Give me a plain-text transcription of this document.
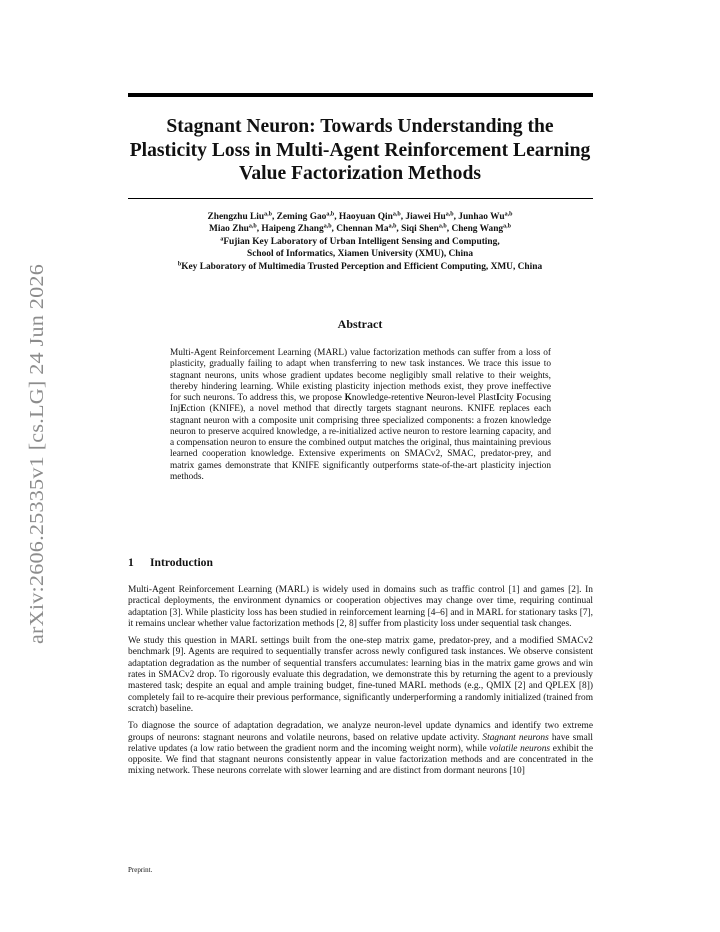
arXiv:2606.25335v1 [cs.LG] 24 Jun 2026
Stagnant Neuron: Towards Understanding the
Plasticity Loss in Multi-Agent Reinforcement Learning
Value Factorization Methods
Zhengzhu Liu$^{a,b}$, Zeming Gao$^{a,b}$, Haoyuan Qin$^{a,b}$, Jiawei Hu$^{a,b}$, Junhao Wu$^{a,b}$
Miao Zhu$^{a,b}$, Haipeng Zhang$^{a,b}$, Chennan Ma$^{a,b}$, Siqi Shen$^{a,b}$, Cheng Wang$^{a,b}$
$^a$Fujian Key Laboratory of Urban Intelligent Sensing and Computing,
School of Informatics, Xiamen University (XMU), China
$^b$Key Laboratory of Multimedia Trusted Perception and Efficient Computing, XMU, China
Abstract

Multi-Agent Reinforcement Learning (MARL) value factorization methods can suffer from a loss of plasticity, gradually failing to adapt when transferring to new task instances. We trace this issue to stagnant neurons, units whose gradient updates become negligibly small relative to their weights, thereby hindering learning. While existing plasticity injection methods exist, they prove ineffective for such neurons. To address this, we propose Knowledge-retentive Neuron-level PlastIcity Focusing InjEction (KNIFE), a novel method that directly targets stagnant neurons. KNIFE replaces each stagnant neuron with a composite unit comprising three specialized components: a frozen knowledge neuron to preserve acquired knowledge, a re-initialized active neuron to restore learning capacity, and a compensation neuron to ensure the combined output matches the original, thus maintaining previous learned cooperation knowledge. Extensive experiments on SMACv2, SMAC, predator-prey, and matrix games demonstrate that KNIFE significantly outperforms state-of-the-art plasticity injection methods.

1 Introduction

Multi-Agent Reinforcement Learning (MARL) is widely used in domains such as traffic control [1] and games [2]. In practical deployments, the environment dynamics or cooperation objectives may change over time, requiring continual adaptation [3]. While plasticity loss has been studied in reinforcement learning [4–6] and in MARL for stationary tasks [7], it remains unclear whether value factorization methods [2, 8] suffer from plasticity loss under sequential task changes.

We study this question in MARL settings built from the one-step matrix game, predator-prey, and a modified SMACv2 benchmark [9]. Agents are required to sequentially transfer across newly configured task instances. We observe consistent adaptation degradation as the number of sequential transfers accumulates: learning bias in the matrix game grows and win rates in SMACv2 drop. To rigorously evaluate this degradation, we demonstrate this by returning the agent to a previously mastered task; despite an equal and ample training budget, fine-tuned MARL methods (e.g., QMIX [2] and QPLEX [8]) completely fail to re-acquire their previous performance, significantly underperforming a randomly initialized (trained from scratch) baseline.

To diagnose the source of adaptation degradation, we analyze neuron-level update dynamics and identify two extreme groups of neurons: stagnant neurons and volatile neurons, based on relative update activity. Stagnant neurons have small relative updates (a low ratio between the gradient norm and the incoming weight norm), while volatile neurons exhibit the opposite. We find that stagnant neurons consistently appear in value factorization methods and are concentrated in the mixing network. These neurons correlate with slower learning and are distinct from dormant neurons [10]

Preprint.
